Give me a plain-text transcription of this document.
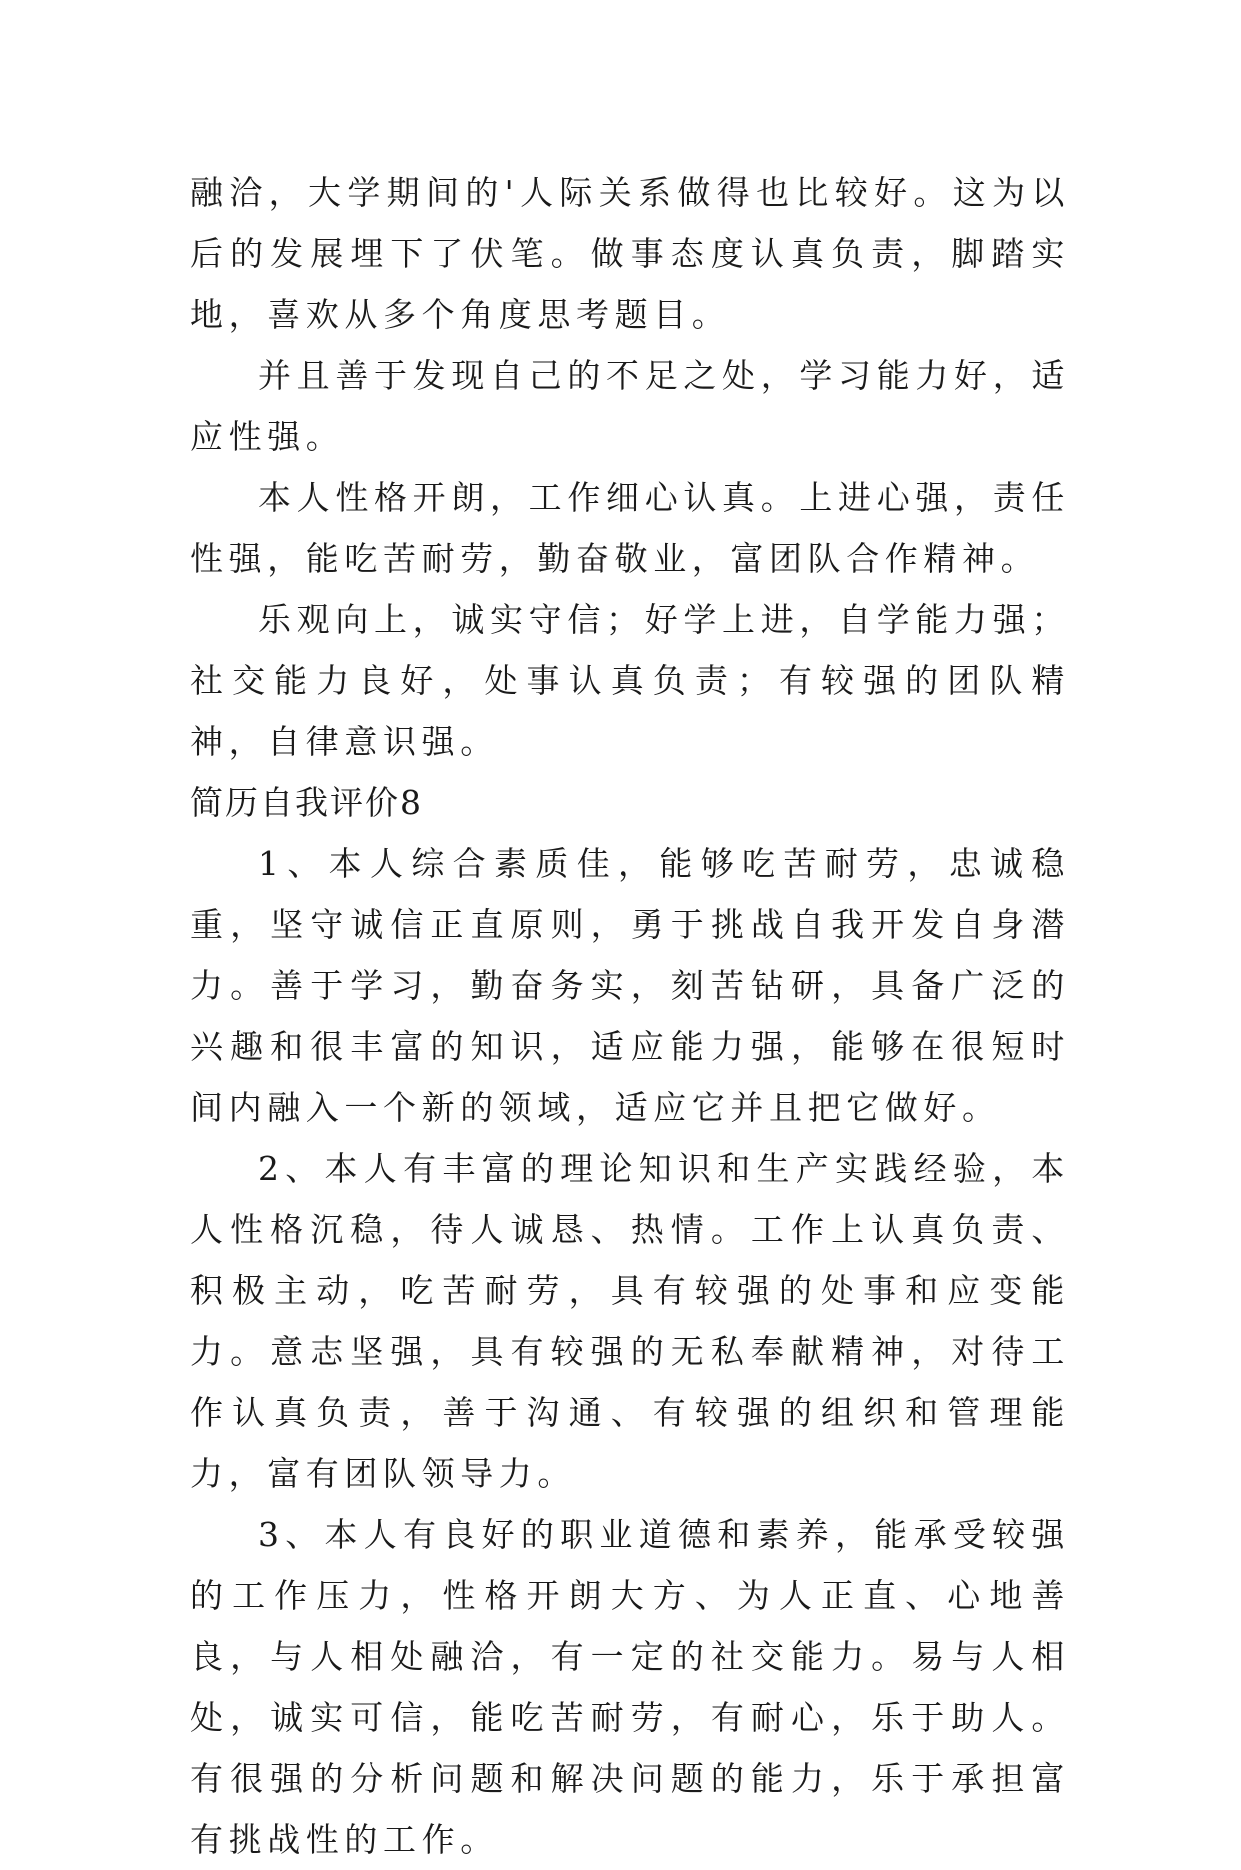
融洽，大学期间的'人际关系做得也比较好。这为以后的发展埋下了伏笔。做事态度认真负责，脚踏实地，喜欢从多个角度思考题目。

并且善于发现自己的不足之处，学习能力好，适应性强。

本人性格开朗，工作细心认真。上进心强，责任性强，能吃苦耐劳，勤奋敬业，富团队合作精神。

乐观向上，诚实守信；好学上进，自学能力强；社交能力良好，处事认真负责；有较强的团队精神，自律意识强。

简历自我评价8

1、本人综合素质佳，能够吃苦耐劳，忠诚稳重，坚守诚信正直原则，勇于挑战自我开发自身潜力。善于学习，勤奋务实，刻苦钻研，具备广泛的兴趣和很丰富的知识，适应能力强，能够在很短时间内融入一个新的领域，适应它并且把它做好。

2、本人有丰富的理论知识和生产实践经验，本人性格沉稳，待人诚恳、热情。工作上认真负责、积极主动，吃苦耐劳，具有较强的处事和应变能力。意志坚强，具有较强的无私奉献精神，对待工作认真负责，善于沟通、有较强的组织和管理能力，富有团队领导力。

3、本人有良好的职业道德和素养，能承受较强的工作压力，性格开朗大方、为人正直、心地善良，与人相处融洽，有一定的社交能力。易与人相处，诚实可信，能吃苦耐劳，有耐心，乐于助人。有很强的分析问题和解决问题的能力，乐于承担富有挑战性的工作。
